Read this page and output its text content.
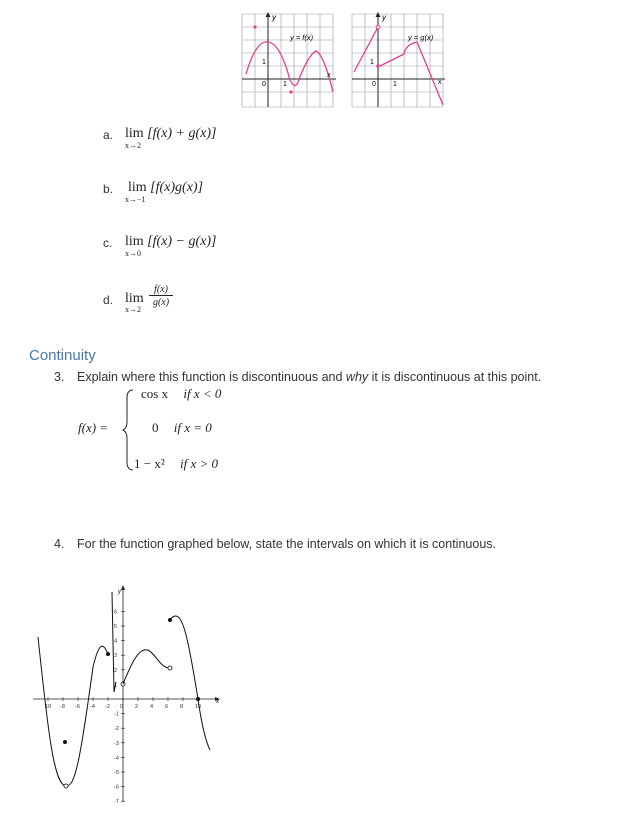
y
y = f(x)
1
0 1
x
y
y = g(x)
1
0 1	x
a. lim
x→2
[f(x) + g(x)]
b. lim
x→−1
[f(x)g(x)]
c. lim
x→0
[f(x) − g(x)]
d. lim
x→2
f(x)
g(x)
Continuity
3. Explain where this function is discontinuous and why it is discontinuous at this point.
f(x) =
cos x if x < 0
0 if x = 0
1 − x² if x > 0
4. For the function graphed below, state the intervals on which it is continuous.
x
y
10 -8 -6 -4 -2 0 2 4 6 8 10
6
5
4
3
2
1
-1
-2
-3
-4
-5
-6
-7
